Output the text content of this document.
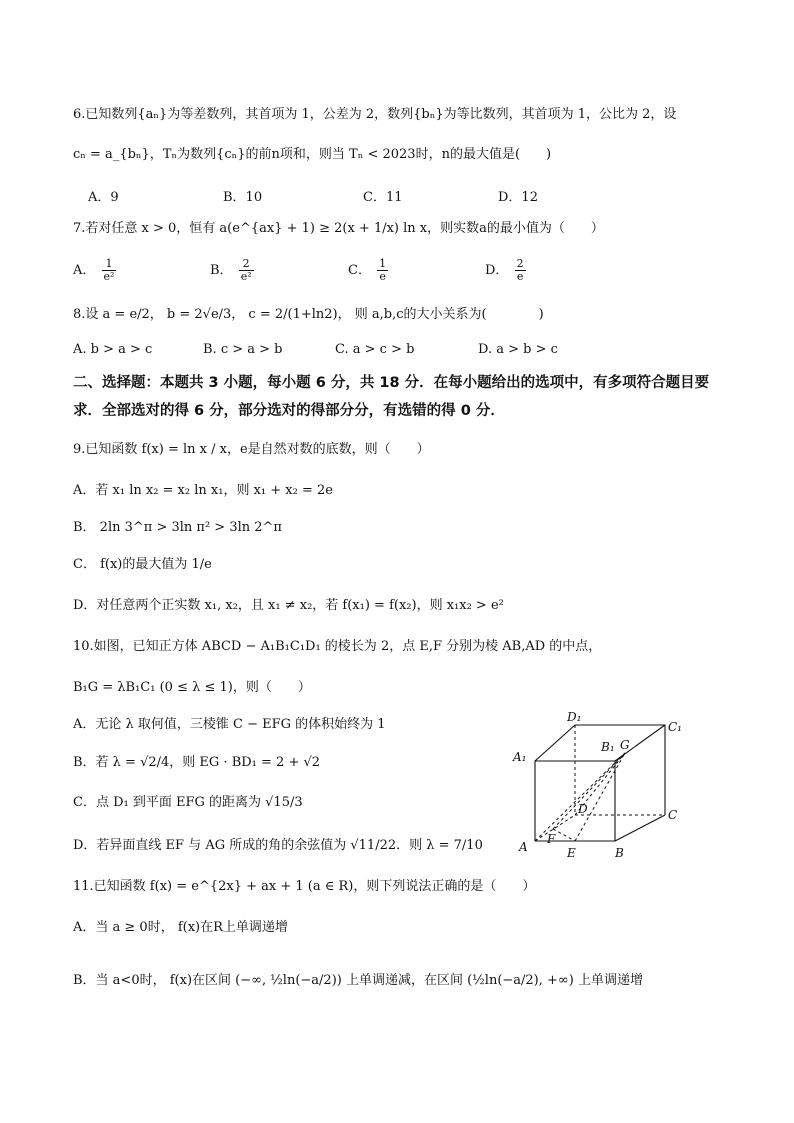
6.已知数列{aₙ}为等差数列，其首项为 1，公差为 2，数列{bₙ}为等比数列，其首项为 1，公比为 2，设
cₙ = a_{bₙ}，Tₙ为数列{cₙ}的前n项和，则当 Tₙ < 2023时，n的最大值是(　　)
A．9	B．10	C．11	D．12
7.若对任意 x > 0，恒有 a(e^{ax} + 1) ≥ 2(x + 1/x) ln x，则实数a的最小值为（　　）
A． $\frac{1}{\text{e²}}$	B． $\frac{2}{\text{e²}}$	C． $\frac{1}{e}$	D． $\frac{2}{e}$
8.设 a = e/2， b = 2√e/3， c = 2/(1+ln2)， 则 a,b,c的大小关系为(　　　　)
A. b > a > c	B. c > a > b	C. a > c > b	D. a > b > c
二、选择题：本题共 3 小题，每小题 6 分，共 18 分．在每小题给出的选项中，有多项符合题目要求．全部选对的得 6 分，部分选对的得部分分，有选错的得 0 分．
9.已知函数 f(x) = ln x / x，e是自然对数的底数，则（　　）
A．若 x₁ ln x₂ = x₂ ln x₁，则 x₁ + x₂ = 2e
B． 2ln 3^π > 3ln π² > 3ln 2^π
C． f(x)的最大值为 1/e
D．对任意两个正实数 x₁, x₂，且 x₁ ≠ x₂，若 f(x₁) = f(x₂)，则 x₁x₂ > e²
10.如图，已知正方体 ABCD − A₁B₁C₁D₁ 的棱长为 2，点 E,F 分别为棱 AB,AD 的中点，
B₁G = λB₁C₁ (0 ≤ λ ≤ 1)，则（　　）
A．无论 λ 取何值，三棱锥 C − EFG 的体积始终为 1
B．若 λ = √2/4，则 EG · BD₁ = 2 + √2
C．点 D₁ 到平面 EFG 的距离为 √15/3
D．若异面直线 EF 与 AG 所成的角的余弦值为 √11/22．则 λ = 7/10
D₁
C₁
B₁ G
A₁
D	C
A
F
E	B
11.已知函数 f(x) = e^{2x} + ax + 1 (a ∈ R)，则下列说法正确的是（　　）
A．当 a ≥ 0时， f(x)在R上单调递增
B．当 a<0时， f(x)在区间 (−∞, ½ln(−a/2)) 上单调递减，在区间 (½ln(−a/2), +∞) 上单调递增
